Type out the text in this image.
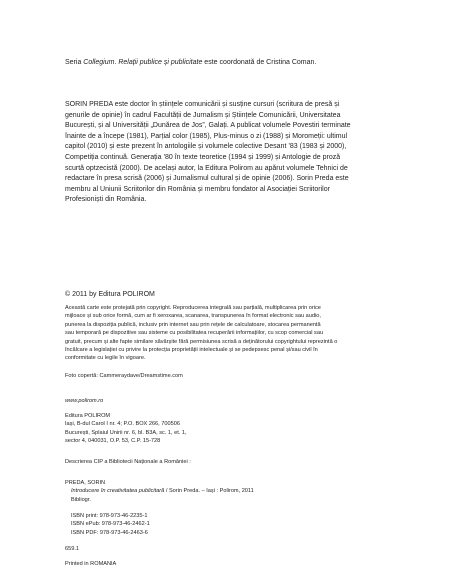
Seria Collegium. Relații publice și publicitate este coordonată de Cristina Coman.

SORIN PREDA este doctor în științele comunicării și susține cursuri (scriitura de presă și
genurile de opinie) în cadrul Facultății de Jurnalism și Științele Comunicării, Universitatea
București, și al Universității „Dunărea de Jos”, Galați. A publicat volumele Povestiri terminate
înainte de a începe (1981), Parțial color (1985), Plus-minus o zi (1988) și Moromeții: ultimul
capitol (2010) și este prezent în antologiile și volumele colective Desant ’83 (1983 și 2000),
Competiția continuă. Generația ’80 în texte teoretice (1994 și 1999) și Antologie de proză
scurtă optzecistă (2000). De același autor, la Editura Polirom au apărut volumele Tehnici de
redactare în presa scrisă (2006) și Jurnalismul cultural și de opinie (2006). Sorin Preda este
membru al Uniunii Scriitorilor din România și membru fondator al Asociației Scriitorilor
Profesioniști din România.

© 2011 by Editura POLIROM

Această carte este protejată prin copyright. Reproducerea integrală sau parțială, multiplicarea prin orice
mijloace și sub orice formă, cum ar fi xeroxarea, scanarea, transpunerea în format electronic sau audio,
punerea la dispoziția publică, inclusiv prin internet sau prin rețele de calculatoare, stocarea permanentă
sau temporară pe dispozitive sau sisteme cu posibilitatea recuperării informațiilor, cu scop comercial sau
gratuit, precum și alte fapte similare săvârșite fără permisiunea scrisă a deținătorului copyrightului reprezintă o
încălcare a legislației cu privire la protecția proprietății intelectuale și se pedepsesc penal și/sau civil în
conformitate cu legile în vigoare.

Foto copertă: Cammeraydave/Dreamstime.com

www.polirom.ro

Editura POLIROM
Iași, B-dul Carol I nr. 4; P.O. BOX 266, 700506
București, Splaiul Unirii nr. 6, bl. B3A, sc. 1, et. 1,
sector 4, 040031, O.P. 53, C.P. 15-728

Descrierea CIP a Bibliotecii Naționale a României :

PREDA, SORIN
Introducere în creativitatea publicitară / Sorin Preda. – Iași : Polirom, 2011
Bibliogr.
ISBN print: 978-973-46-2235-1
ISBN ePub: 978-973-46-2462-1
ISBN PDF: 978-973-46-2463-6

659.1

Printed in ROMANIA
